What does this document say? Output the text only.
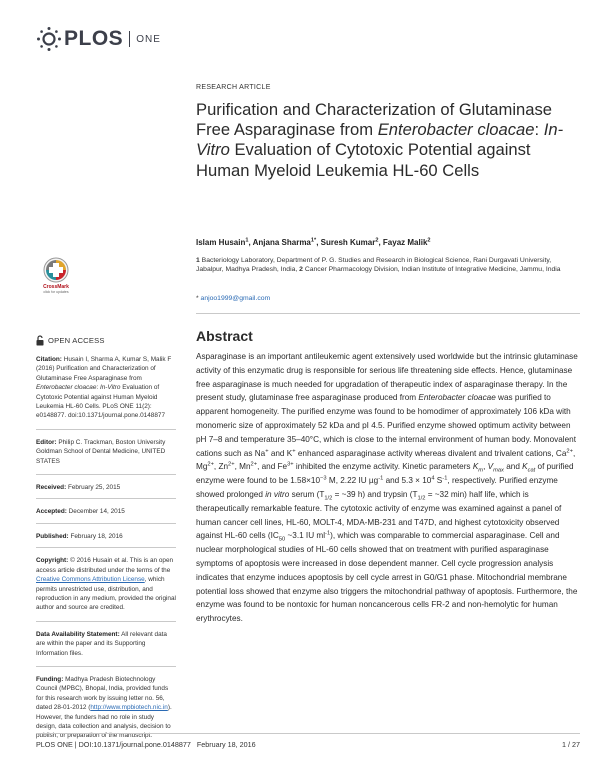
PLOS ONE
CrossMark
click for updates
OPEN ACCESS
Citation: Husain I, Sharma A, Kumar S, Malik F (2016) Purification and Characterization of Glutaminase Free Asparaginase from Enterobacter cloacae: In-Vitro Evaluation of Cytotoxic Potential against Human Myeloid Leukemia HL-60 Cells. PLoS ONE 11(2): e0148877. doi:10.1371/journal.pone.0148877
Editor: Philip C. Trackman, Boston University Goldman School of Dental Medicine, UNITED STATES
Received: February 25, 2015
Accepted: December 14, 2015
Published: February 18, 2016
Copyright: © 2016 Husain et al. This is an open access article distributed under the terms of the Creative Commons Attribution License, which permits unrestricted use, distribution, and reproduction in any medium, provided the original author and source are credited.
Data Availability Statement: All relevant data are within the paper and its Supporting Information files.
Funding: Madhya Pradesh Biotechnology Council (MPBC), Bhopal, India, provided funds for this research work by issuing letter no. 56, dated 28-01-2012 (http://www.mpbiotech.nic.in). However, the funders had no role in study design, data collection and analysis, decision to publish, or preparation of the manuscript.
RESEARCH ARTICLE
Purification and Characterization of Glutaminase Free Asparaginase from Enterobacter cloacae: In-Vitro Evaluation of Cytotoxic Potential against Human Myeloid Leukemia HL-60 Cells
Islam Husain$^1$, Anjana Sharma$^{1*}$, Suresh Kumar$^2$, Fayaz Malik$^2$
1 Bacteriology Laboratory, Department of P. G. Studies and Research in Biological Science, Rani Durgavati University, Jabalpur, Madhya Pradesh, India, 2 Cancer Pharmacology Division, Indian Institute of Integrative Medicine, Jammu, India
* anjoo1999@gmail.com
Abstract

Asparaginase is an important antileukemic agent extensively used worldwide but the intrinsic glutaminase activity of this enzymatic drug is responsible for serious life threatening side effects. Hence, glutaminase free asparaginase is much needed for upgradation of therapeutic index of asparaginase therapy. In the present study, glutaminase free asparaginase produced from Enterobacter cloacae was purified to apparent homogeneity. The purified enzyme was found to be homodimer of approximately 106 kDa with monomeric size of approximately 52 kDa and pI 4.5. Purified enzyme showed optimum activity between pH 7–8 and temperature 35–40°C, which is close to the internal environment of human body. Monovalent cations such as Na+ and K+ enhanced asparaginase activity whereas divalent and trivalent cations, $Ca^{2+}$, $Mg^{2+}$, $Zn^{2+}$, $Mn^{2+}$, and $Fe^{3+}$ inhibited the enzyme activity. Kinetic parameters $K_m$, $V_{max}$ and $K_{cat}$ of purified enzyme were found to be $1.58\times 10^{-3}$ M, 2.22 IU µg$^{-1}$ and $5.3 \times 10^4$ $S^{-1}$, respectively. Purified enzyme showed prolonged in vitro serum ($T_{1/2}$ = ~39 h) and trypsin ($T_{1/2}$ = ~32 min) half life, which is therapeutically remarkable feature. The cytotoxic activity of enzyme was examined against a panel of human cancer cell lines, HL-60, MOLT-4, MDA-MB-231 and T47D, and highest cytotoxicity observed against HL-60 cells ($IC_{50}$ ~3.1 IU $ml^{-1}$), which was comparable to commercial asparaginase. Cell and nuclear morphological studies of HL-60 cells showed that on treatment with purified asparaginase symptoms of apoptosis were increased in dose dependent manner. Cell cycle progression analysis indicates that enzyme induces apoptosis by cell cycle arrest in G0/G1 phase. Mitochondrial membrane potential loss showed that enzyme also triggers the mitochondrial pathway of apoptosis. Furthermore, the enzyme was found to be nontoxic for human noncancerous cells FR-2 and non-hemolytic for human erythrocytes.

PLOS ONE | DOI:10.1371/journal.pone.0148877   February 18, 2016	1 / 27
